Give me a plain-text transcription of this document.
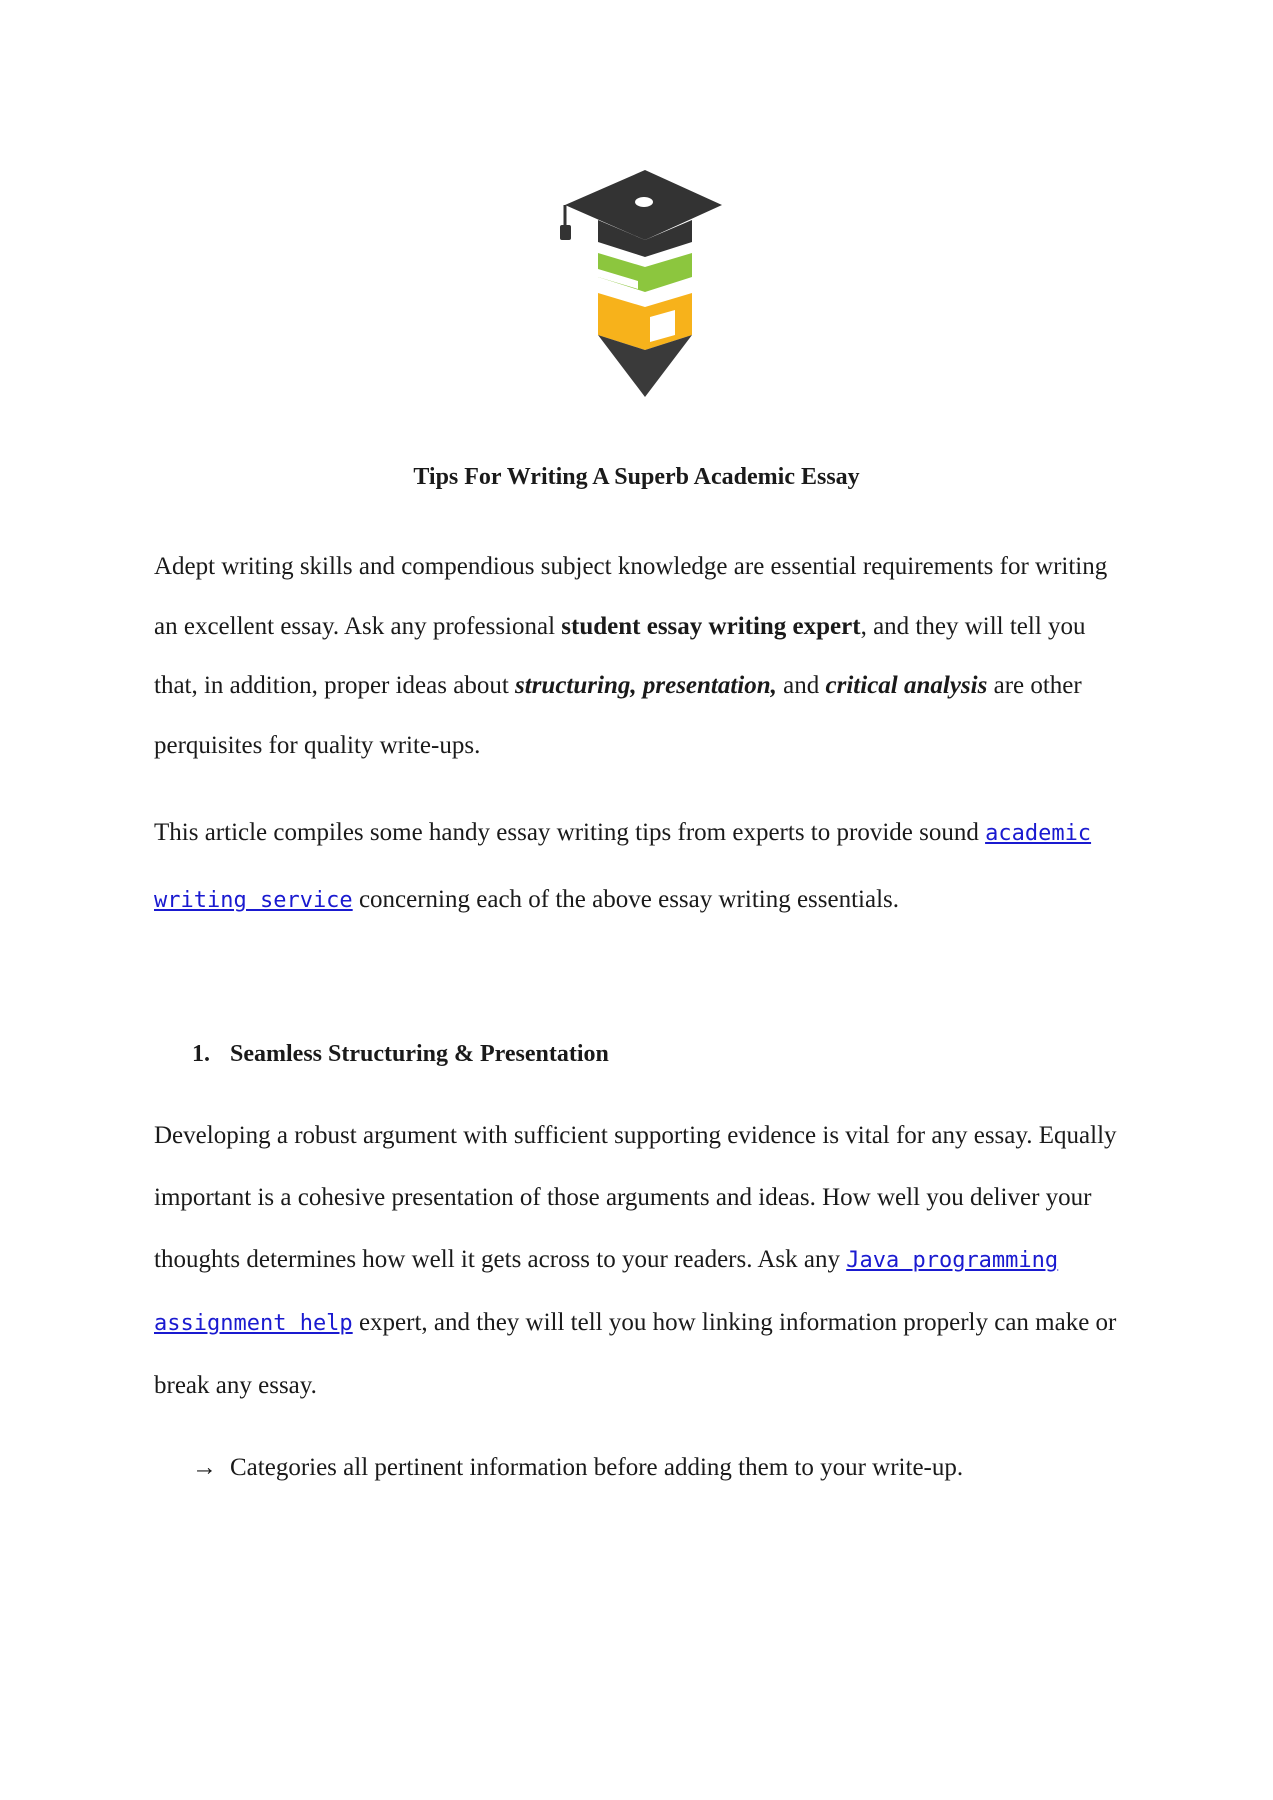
Tips For Writing A Superb Academic Essay

Adept writing skills and compendious subject knowledge are essential requirements for writing an excellent essay. Ask any professional student essay writing expert, and they will tell you that, in addition, proper ideas about structuring, presentation, and critical analysis are other perquisites for quality write-ups.

This article compiles some handy essay writing tips from experts to provide sound academic writing service concerning each of the above essay writing essentials.

1. Seamless Structuring & Presentation

Developing a robust argument with sufficient supporting evidence is vital for any essay. Equally important is a cohesive presentation of those arguments and ideas. How well you deliver your thoughts determines how well it gets across to your readers. Ask any Java programming assignment help expert, and they will tell you how linking information properly can make or break any essay.

→ Categories all pertinent information before adding them to your write-up.
